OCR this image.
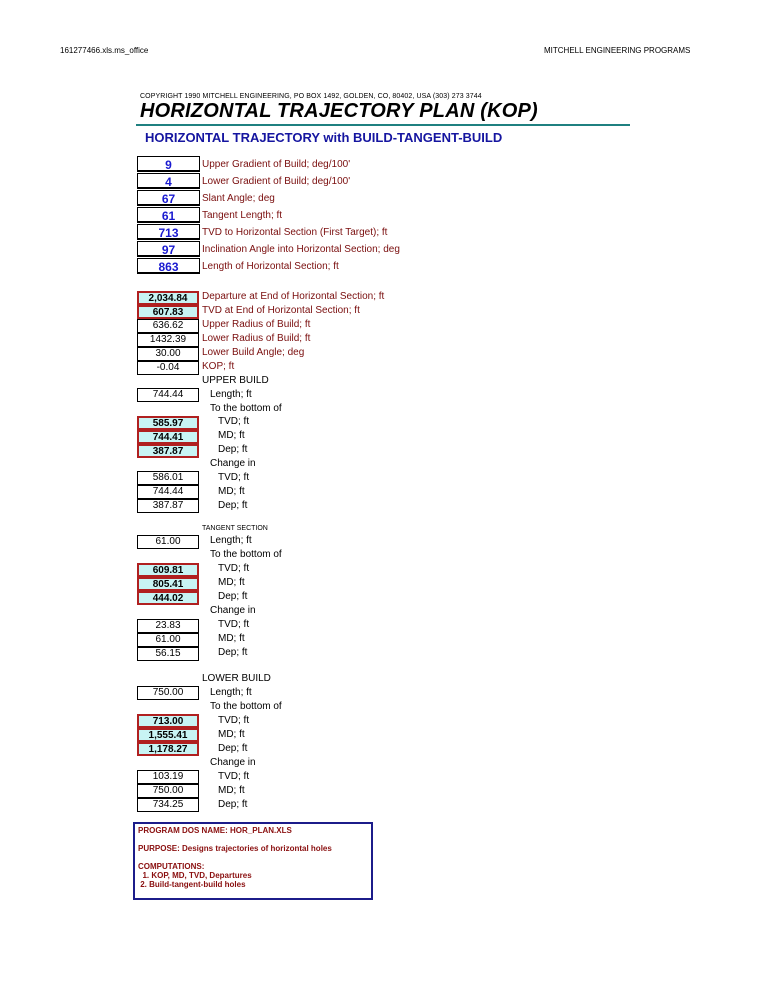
161277466.xls.ms_office	MITCHELL ENGINEERING PROGRAMS
COPYRIGHT 1990 MITCHELL ENGINEERING, PO BOX 1492, GOLDEN, CO, 80402, USA (303) 273 3744
HORIZONTAL TRAJECTORY PLAN (KOP)
HORIZONTAL TRAJECTORY with BUILD-TANGENT-BUILD
9	Upper Gradient of Build; deg/100'
4	Lower Gradient of Build; deg/100'
67	Slant Angle; deg
61	Tangent Length; ft
713	TVD to Horizontal Section (First Target); ft
97	Inclination Angle into Horizontal Section; deg
863	Length of Horizontal Section; ft
2,034.84	Departure at End of Horizontal Section; ft
607.83	TVD at End of Horizontal Section; ft
636.62	Upper Radius of Build; ft
1432.39	Lower Radius of Build; ft
30.00	Lower Build Angle; deg
-0.04	KOP; ft
UPPER BUILD
744.44	Length; ft
To the bottom of
585.97	TVD; ft
744.41	MD; ft
387.87	Dep; ft
Change in
586.01	TVD; ft
744.44	MD; ft
387.87	Dep; ft
TANGENT SECTION
61.00	Length; ft
To the bottom of
609.81	TVD; ft
805.41	MD; ft
444.02	Dep; ft
Change in
23.83	TVD; ft
61.00	MD; ft
56.15	Dep; ft
LOWER BUILD
750.00	Length; ft
To the bottom of
713.00	TVD; ft
1,555.41	MD; ft
1,178.27	Dep; ft
Change in
103.19	TVD; ft
750.00	MD; ft
734.25	Dep; ft
PROGRAM DOS NAME: HOR_PLAN.XLS
PURPOSE: Designs trajectories of horizontal holes
COMPUTATIONS:
1. KOP, MD, TVD, Departures
2. Build-tangent-build holes
